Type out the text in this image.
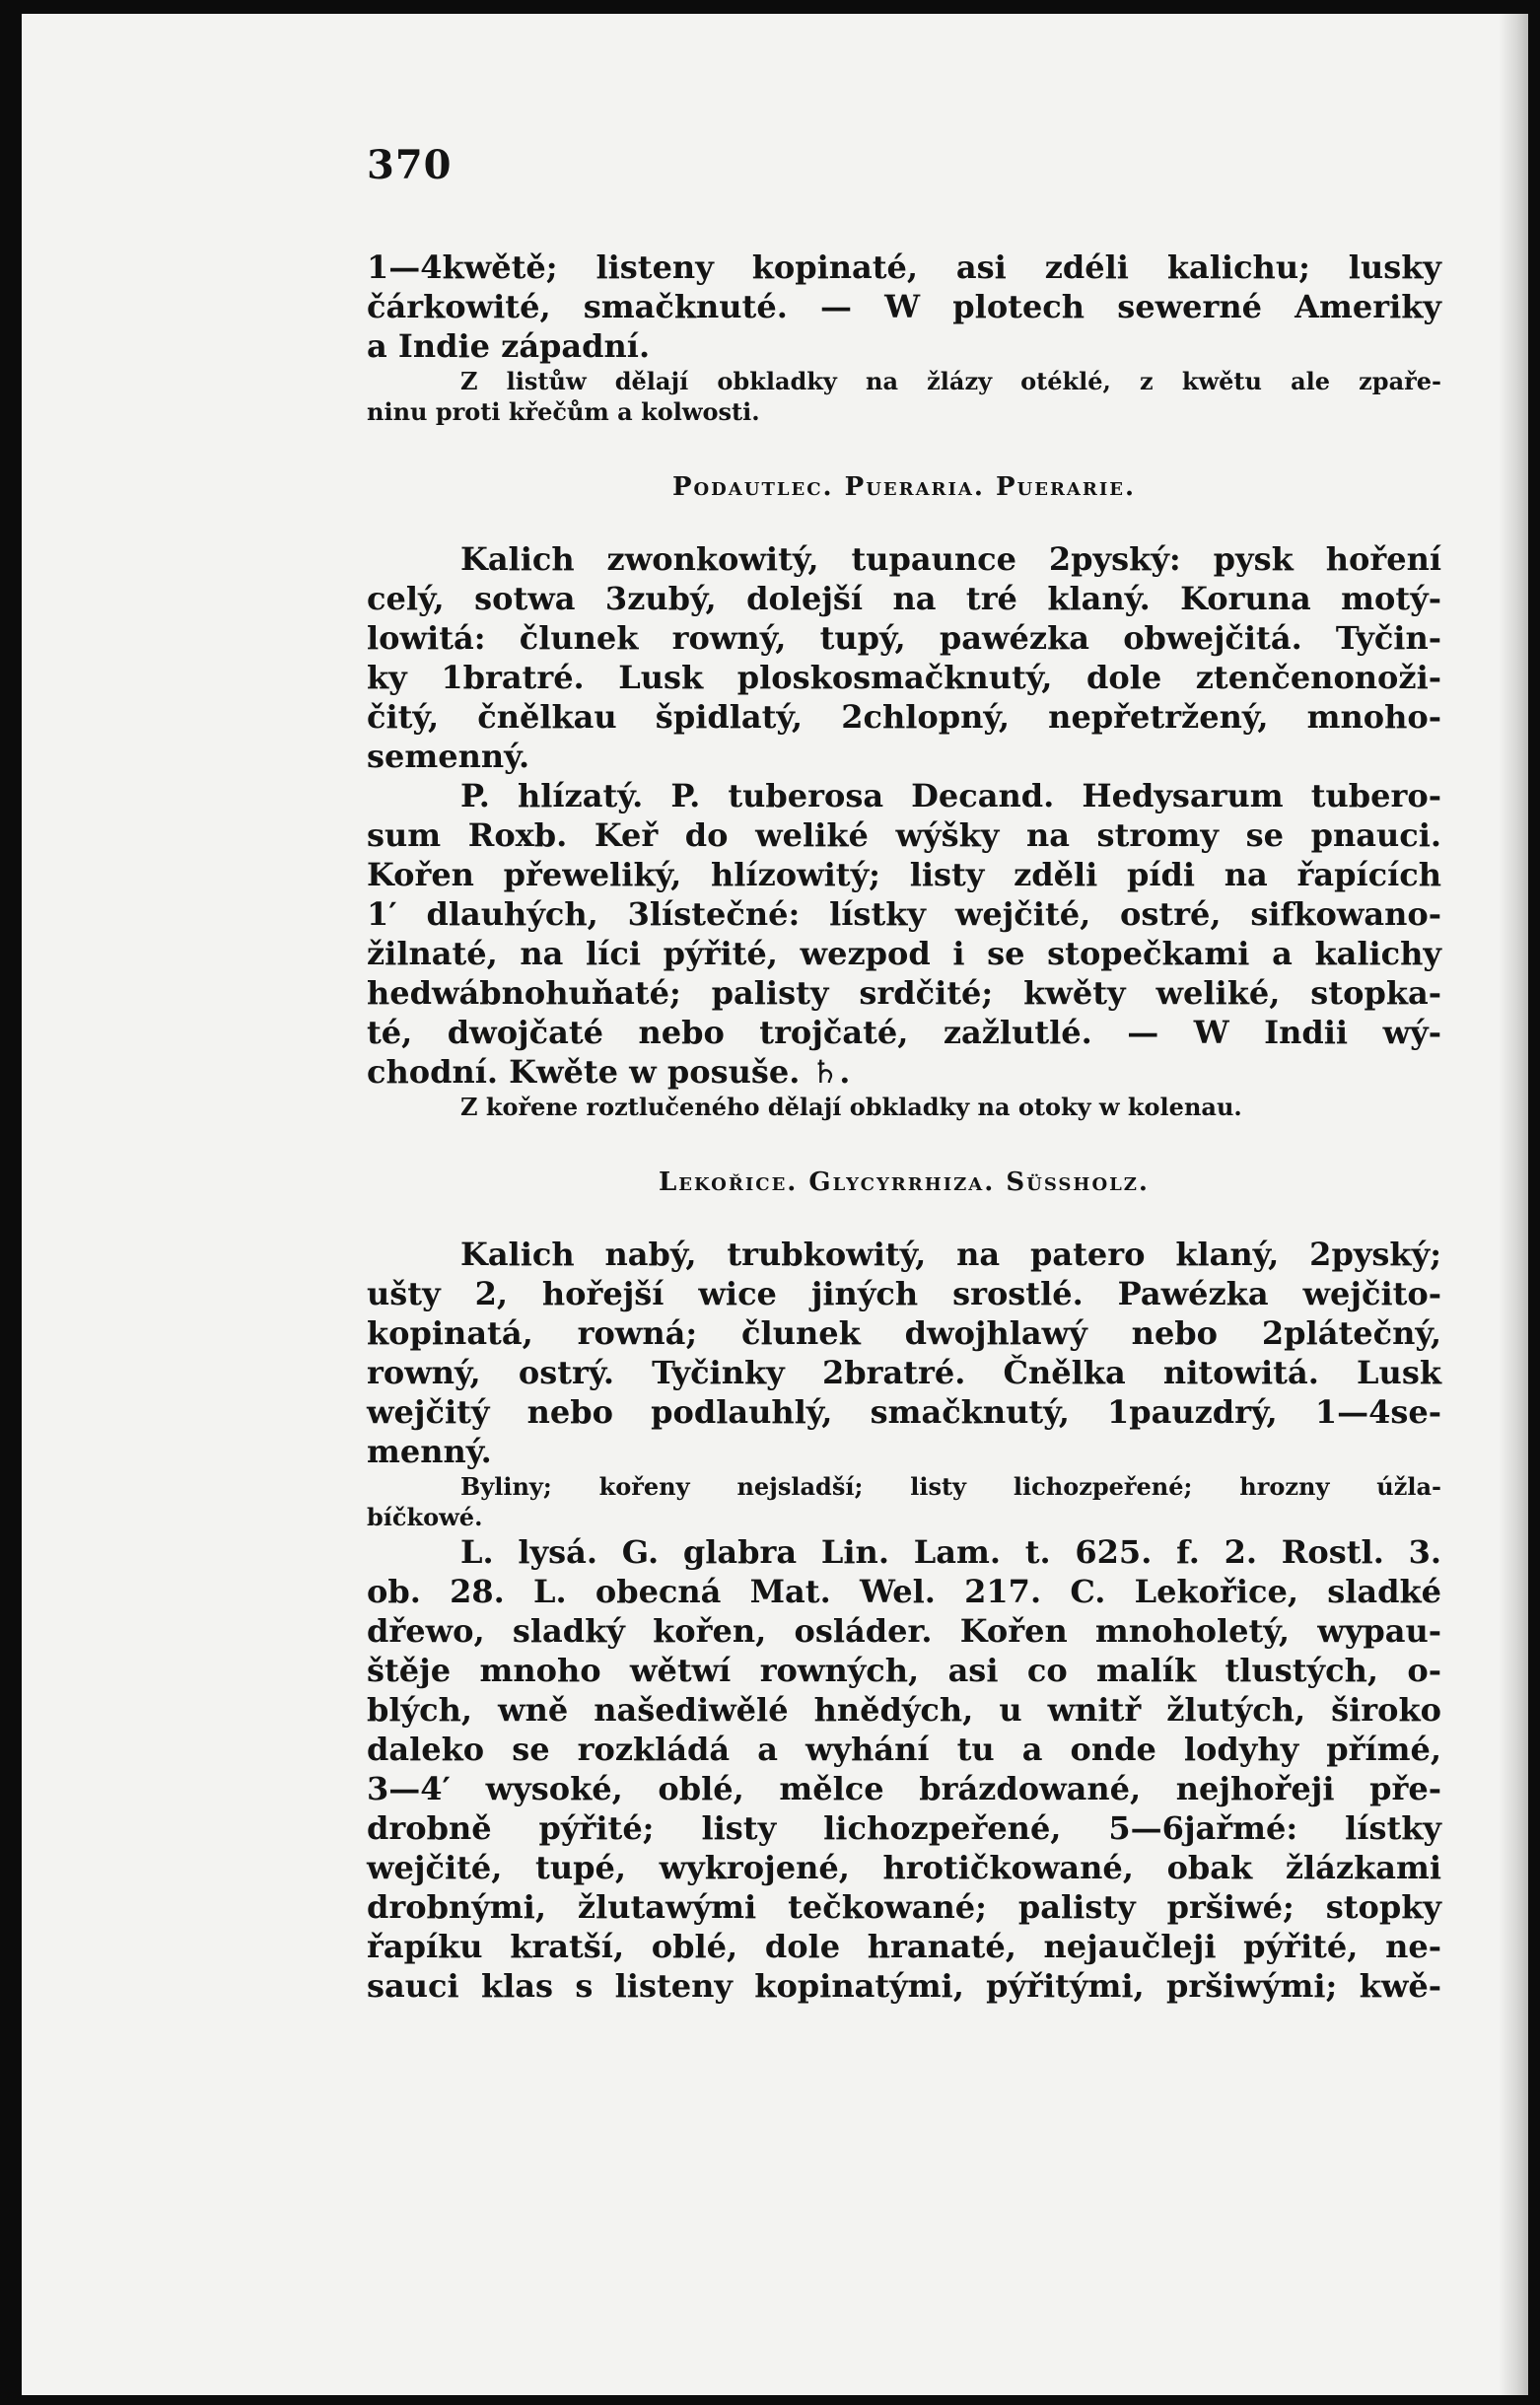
370
1—4kwětě; listeny kopinaté, asi zdéli kalichu; lusky
čárkowité, smačknuté. — W plotech sewerné Ameriky
a Indie západní.
Z listůw dělají obkladky na žlázy otéklé, z kwětu ale zpaře-
ninu proti křečům a kolwosti.
Podautlec. Pueraria. Puerarie.
Kalich zwonkowitý, tupaunce 2pyský: pysk hoření
celý, sotwa 3zubý, dolejší na tré klaný. Koruna motý-
lowitá: člunek rowný, tupý, pawézka obwejčitá. Tyčin-
ky 1bratré. Lusk ploskosmačknutý, dole ztenčenonoži-
čitý, čnělkau špidlatý, 2chlopný, nepřetržený, mnoho-
semenný.
P. hlízatý. P. tuberosa Decand. Hedysarum tubero-
sum Roxb. Keř do weliké wýšky na stromy se pnauci.
Kořen přeweliký, hlízowitý; listy zděli pídi na řapících
1′ dlauhých, 3lístečné: lístky wejčité, ostré, sifkowano-
žilnaté, na líci pýřité, wezpod i se stopečkami a kalichy
hedwábnohuňaté; palisty srdčité; kwěty weliké, stopka-
té, dwojčaté nebo trojčaté, zažlutlé. — W Indii wý-
chodní. Kwěte w posuše. ♄.
Z kořene roztlučeného dělají obkladky na otoky w kolenau.
Lekořice. Glycyrrhiza. Süssholz.
Kalich nabý, trubkowitý, na patero klaný, 2pyský;
ušty 2, hořejší wice jiných srostlé. Pawézka wejčito-
kopinatá, rowná; člunek dwojhlawý nebo 2plátečný,
rowný, ostrý. Tyčinky 2bratré. Čnělka nitowitá. Lusk
wejčitý nebo podlauhlý, smačknutý, 1pauzdrý, 1—4se-
menný.
Byliny; kořeny nejsladší; listy lichozpeřené; hrozny úžla-
bíčkowé.
L. lysá. G. glabra Lin. Lam. t. 625. f. 2. Rostl. 3.
ob. 28. L. obecná Mat. Wel. 217. C. Lekořice, sladké
dřewo, sladký kořen, osláder. Kořen mnoholetý, wypau-
štěje mnoho wětwí rowných, asi co malík tlustých, o-
blých, wně našediwělé hnědých, u wnitř žlutých, široko
daleko se rozkládá a wyhání tu a onde lodyhy přímé,
3—4′ wysoké, oblé, mělce brázdowané, nejhořeji pře-
drobně pýřité; listy lichozpeřené, 5—6jařmé: lístky
wejčité, tupé, wykrojené, hrotičkowané, obak žlázkami
drobnými, žlutawými tečkowané; palisty pršiwé; stopky
řapíku kratší, oblé, dole hranaté, nejaučleji pýřité, ne-
sauci klas s listeny kopinatými, pýřitými, pršiwými; kwě-
